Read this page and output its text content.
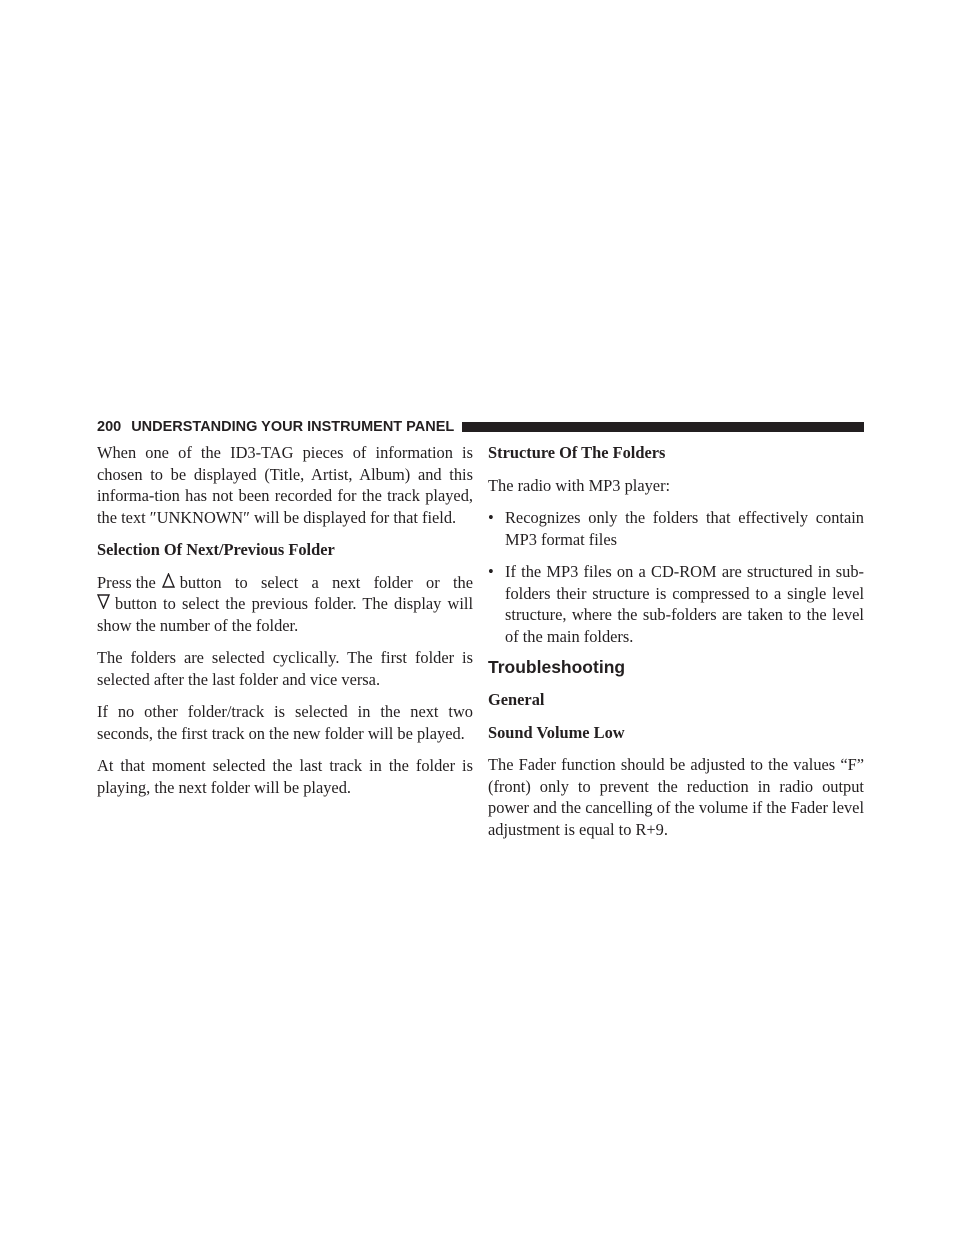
200 UNDERSTANDING YOUR INSTRUMENT PANEL

When one of the ID3-TAG pieces of information is chosen to be displayed (Title, Artist, Album) and this informa-tion has not been recorded for the track played, the text ″UNKNOWN″ will be displayed for that field.

Selection Of Next/Previous Folder

Press the button to select a next folder or the

button to select the previous folder. The display will show the number of the folder.

The folders are selected cyclically. The first folder is selected after the last folder and vice versa.

If no other folder/track is selected in the next two seconds, the first track on the new folder will be played.

At that moment selected the last track in the folder is playing, the next folder will be played.

Structure Of The Folders

The radio with MP3 player:

• Recognizes only the folders that effectively contain MP3 format files
• If the MP3 files on a CD-ROM are structured in sub-folders their structure is compressed to a single level structure, where the sub-folders are taken to the level of the main folders.
Troubleshooting
General
Sound Volume Low

The Fader function should be adjusted to the values “F” (front) only to prevent the reduction in radio output power and the cancelling of the volume if the Fader level adjustment is equal to R+9.
